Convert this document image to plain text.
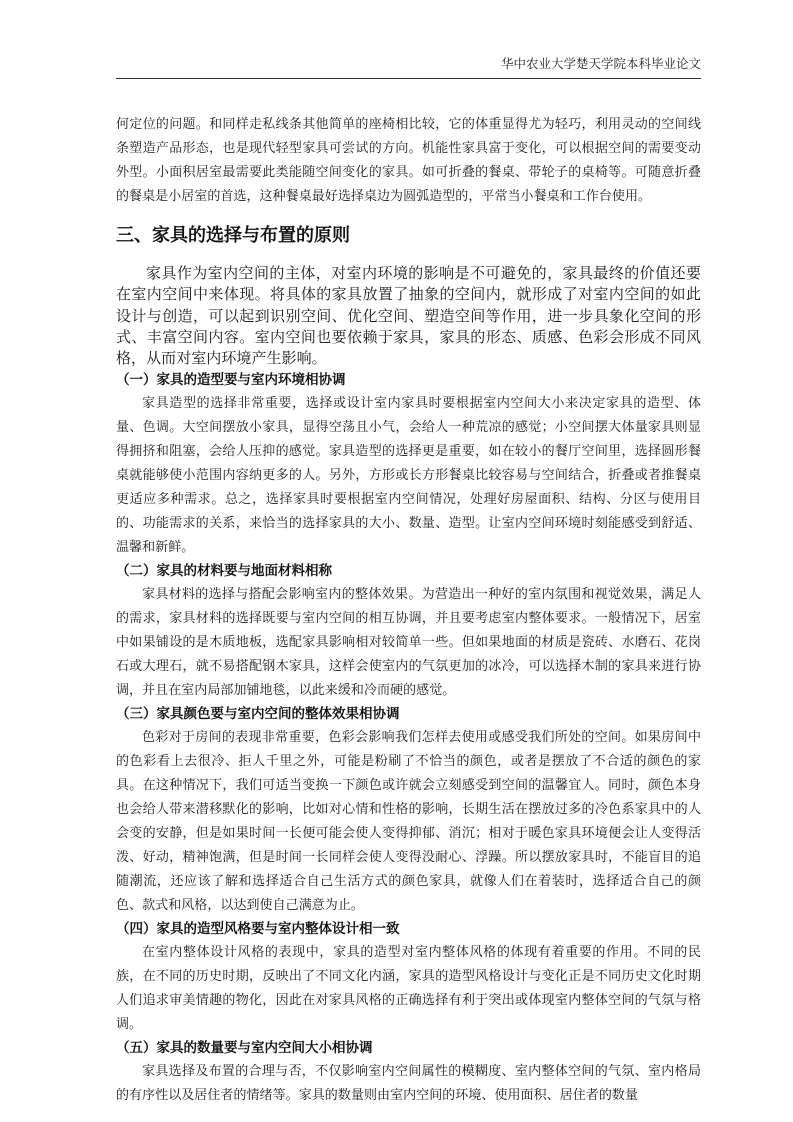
华中农业大学楚天学院本科毕业论文

何定位的问题。和同样走私线条其他简单的座椅相比较，它的体重显得尤为轻巧，利用灵动的空间线条塑造产品形态，也是现代轻型家具可尝试的方向。机能性家具富于变化，可以根据空间的需要变动外型。小面积居室最需要此类能随空间变化的家具。如可折叠的餐桌、带轮子的桌椅等。可随意折叠的餐桌是小居室的首选，这种餐桌最好选择桌边为圆弧造型的，平常当小餐桌和工作台使用。

三、家具的选择与布置的原则

家具作为室内空间的主体，对室内环境的影响是不可避免的，家具最终的价值还要在室内空间中来体现。将具体的家具放置了抽象的空间内，就形成了对室内空间的如此设计与创造，可以起到识别空间、优化空间、塑造空间等作用，进一步具象化空间的形式、丰富空间内容。室内空间也要依赖于家具，家具的形态、质感、色彩会形成不同风格，从而对室内环境产生影响。

（一）家具的造型要与室内环境相协调

家具造型的选择非常重要，选择或设计室内家具时要根据室内空间大小来决定家具的造型、体量、色调。大空间摆放小家具，显得空荡且小气，会给人一种荒凉的感觉；小空间摆大体量家具则显得拥挤和阻塞，会给人压抑的感觉。家具造型的选择更是重要，如在较小的餐厅空间里，选择圆形餐桌就能够使小范围内容纳更多的人。另外，方形或长方形餐桌比较容易与空间结合，折叠或者推餐桌更适应多种需求。总之，选择家具时要根据室内空间情况，处理好房屋面积、结构、分区与使用目的、功能需求的关系，来恰当的选择家具的大小、数量、造型。让室内空间环境时刻能感受到舒适、温馨和新鲜。

（二）家具的材料要与地面材料相称

家具材料的选择与搭配会影响室内的整体效果。为营造出一种好的室内氛围和视觉效果，满足人的需求，家具材料的选择既要与室内空间的相互协调，并且要考虑室内整体要求。一般情况下，居室中如果铺设的是木质地板，选配家具影响相对较简单一些。但如果地面的材质是瓷砖、水磨石、花岗石或大理石，就不易搭配钢木家具，这样会使室内的气氛更加的冰冷，可以选择木制的家具来进行协调，并且在室内局部加铺地毯，以此来缓和冷而硬的感觉。

（三）家具颜色要与室内空间的整体效果相协调

色彩对于房间的表现非常重要，色彩会影响我们怎样去使用或感受我们所处的空间。如果房间中的色彩看上去很冷、拒人千里之外，可能是粉刷了不恰当的颜色，或者是摆放了不合适的颜色的家具。在这种情况下，我们可适当变换一下颜色或许就会立刻感受到空间的温馨宜人。同时，颜色本身也会给人带来潜移默化的影响，比如对心情和性格的影响，长期生活在摆放过多的冷色系家具中的人会变的安静，但是如果时间一长便可能会使人变得抑郁、消沉；相对于暖色家具环境便会让人变得活泼、好动，精神饱满，但是时间一长同样会使人变得没耐心、浮躁。所以摆放家具时，不能盲目的追随潮流，还应该了解和选择适合自己生活方式的颜色家具，就像人们在着装时，选择适合自己的颜色、款式和风格，以达到使自己满意为止。

（四）家具的造型风格要与室内整体设计相一致

在室内整体设计风格的表现中，家具的造型对室内整体风格的体现有着重要的作用。不同的民族，在不同的历史时期，反映出了不同文化内涵，家具的造型风格设计与变化正是不同历史文化时期人们追求审美情趣的物化，因此在对家具风格的正确选择有利于突出或体现室内整体空间的气氛与格调。

（五）家具的数量要与室内空间大小相协调

家具选择及布置的合理与否，不仅影响室内空间属性的模糊度、室内整体空间的气氛、室内格局的有序性以及居住者的情绪等。家具的数量则由室内空间的环境、使用面积、居住者的数量
